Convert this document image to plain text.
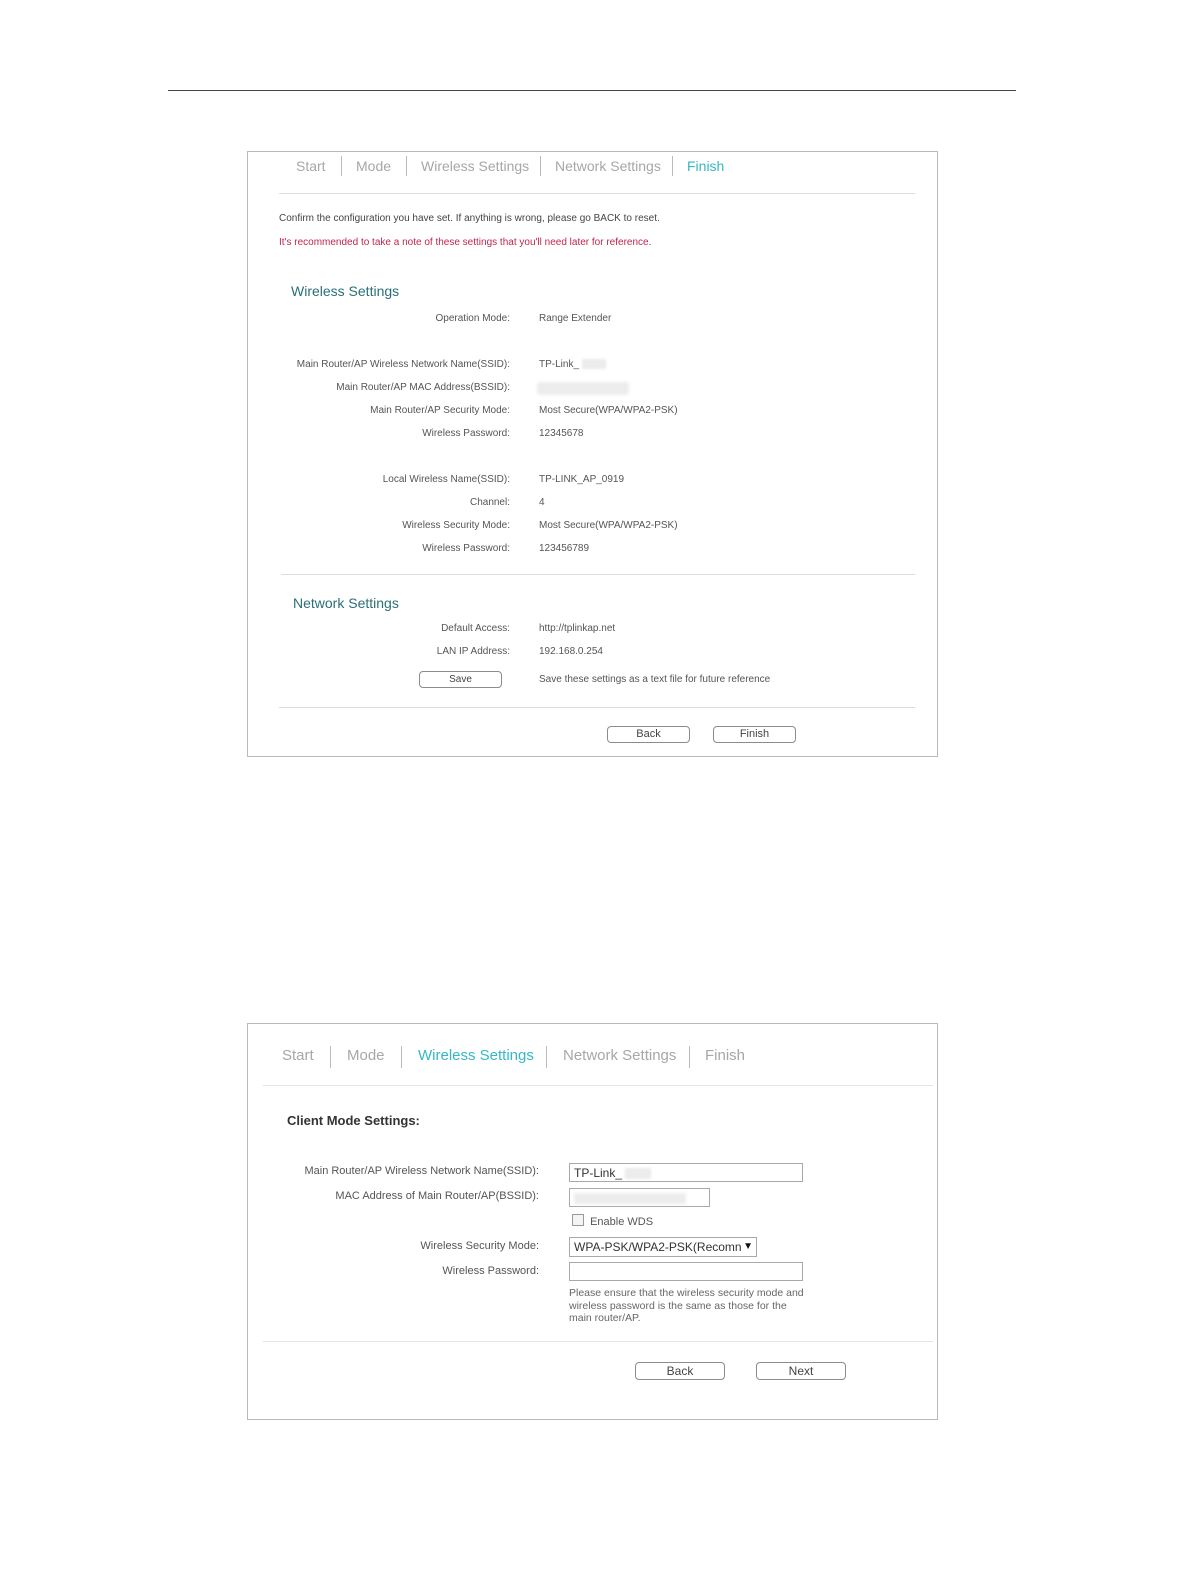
Start Mode Wireless Settings Network Settings Finish
Confirm the configuration you have set. If anything is wrong, please go BACK to reset.
It's recommended to take a note of these settings that you'll need later for reference.
Wireless Settings
Operation Mode:	Range Extender
Main Router/AP Wireless Network Name(SSID):	TP-Link_
Main Router/AP MAC Address(BSSID):
Main Router/AP Security Mode:	Most Secure(WPA/WPA2-PSK)
Wireless Password:	12345678
Local Wireless Name(SSID):	TP-LINK_AP_0919
Channel:	4
Wireless Security Mode:	Most Secure(WPA/WPA2-PSK)
Wireless Password:	123456789
Network Settings
Default Access:	http://tplinkap.net
LAN IP Address:	192.168.0.254
Save	Save these settings as a text file for future reference
Back	Finish
Start Mode Wireless Settings Network Settings Finish
Client Mode Settings:
Main Router/AP Wireless Network Name(SSID):	TP-Link_
MAC Address of Main Router/AP(BSSID):
Enable WDS
Wireless Security Mode:	WPA-PSK/WPA2-PSK(Recomn ▼
Wireless Password:
Please ensure that the wireless security mode and
wireless password is the same as those for the
main router/AP.
Back	Next
